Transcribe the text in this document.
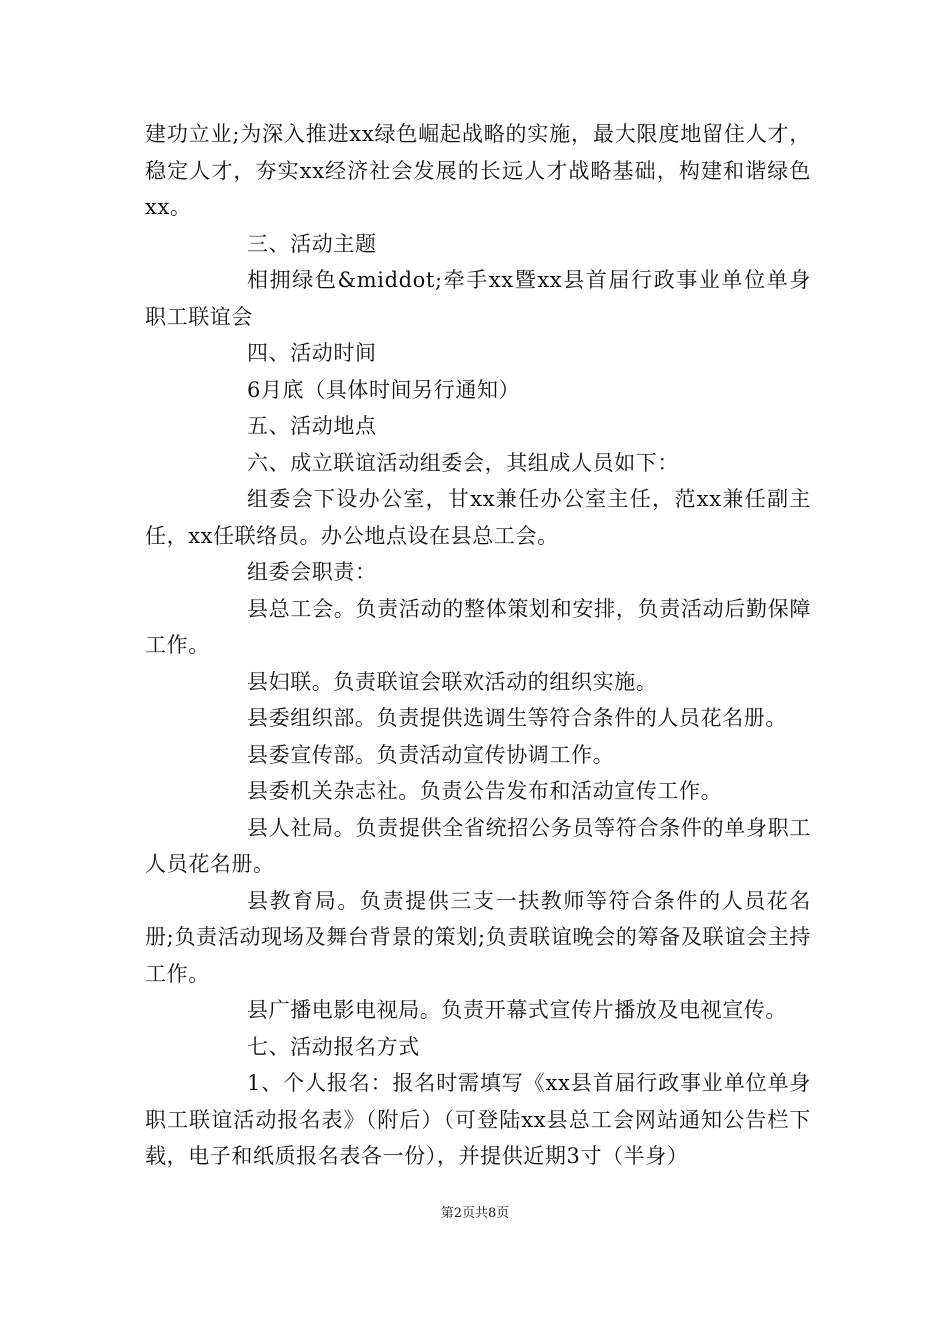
建功立业;为深入推进xx绿色崛起战略的实施，最大限度地留住人才，稳定人才，夯实xx经济社会发展的长远人才战略基础，构建和谐绿色xx。

三、活动主题

相拥绿色&middot;牵手xx暨xx县首届行政事业单位单身职工联谊会

四、活动时间

6月底（具体时间另行通知）

五、活动地点

六、成立联谊活动组委会，其组成人员如下：

组委会下设办公室，甘xx兼任办公室主任，范xx兼任副主任，xx任联络员。办公地点设在县总工会。

组委会职责：

县总工会。负责活动的整体策划和安排，负责活动后勤保障工作。

县妇联。负责联谊会联欢活动的组织实施。

县委组织部。负责提供选调生等符合条件的人员花名册。

县委宣传部。负责活动宣传协调工作。

县委机关杂志社。负责公告发布和活动宣传工作。

县人社局。负责提供全省统招公务员等符合条件的单身职工人员花名册。

县教育局。负责提供三支一扶教师等符合条件的人员花名册;负责活动现场及舞台背景的策划;负责联谊晚会的筹备及联谊会主持工作。

县广播电影电视局。负责开幕式宣传片播放及电视宣传。

七、活动报名方式

1、个人报名：报名时需填写《xx县首届行政事业单位单身职工联谊活动报名表》（附后）（可登陆xx县总工会网站通知公告栏下载，电子和纸质报名表各一份），并提供近期3寸（半身）

第2页共8页
